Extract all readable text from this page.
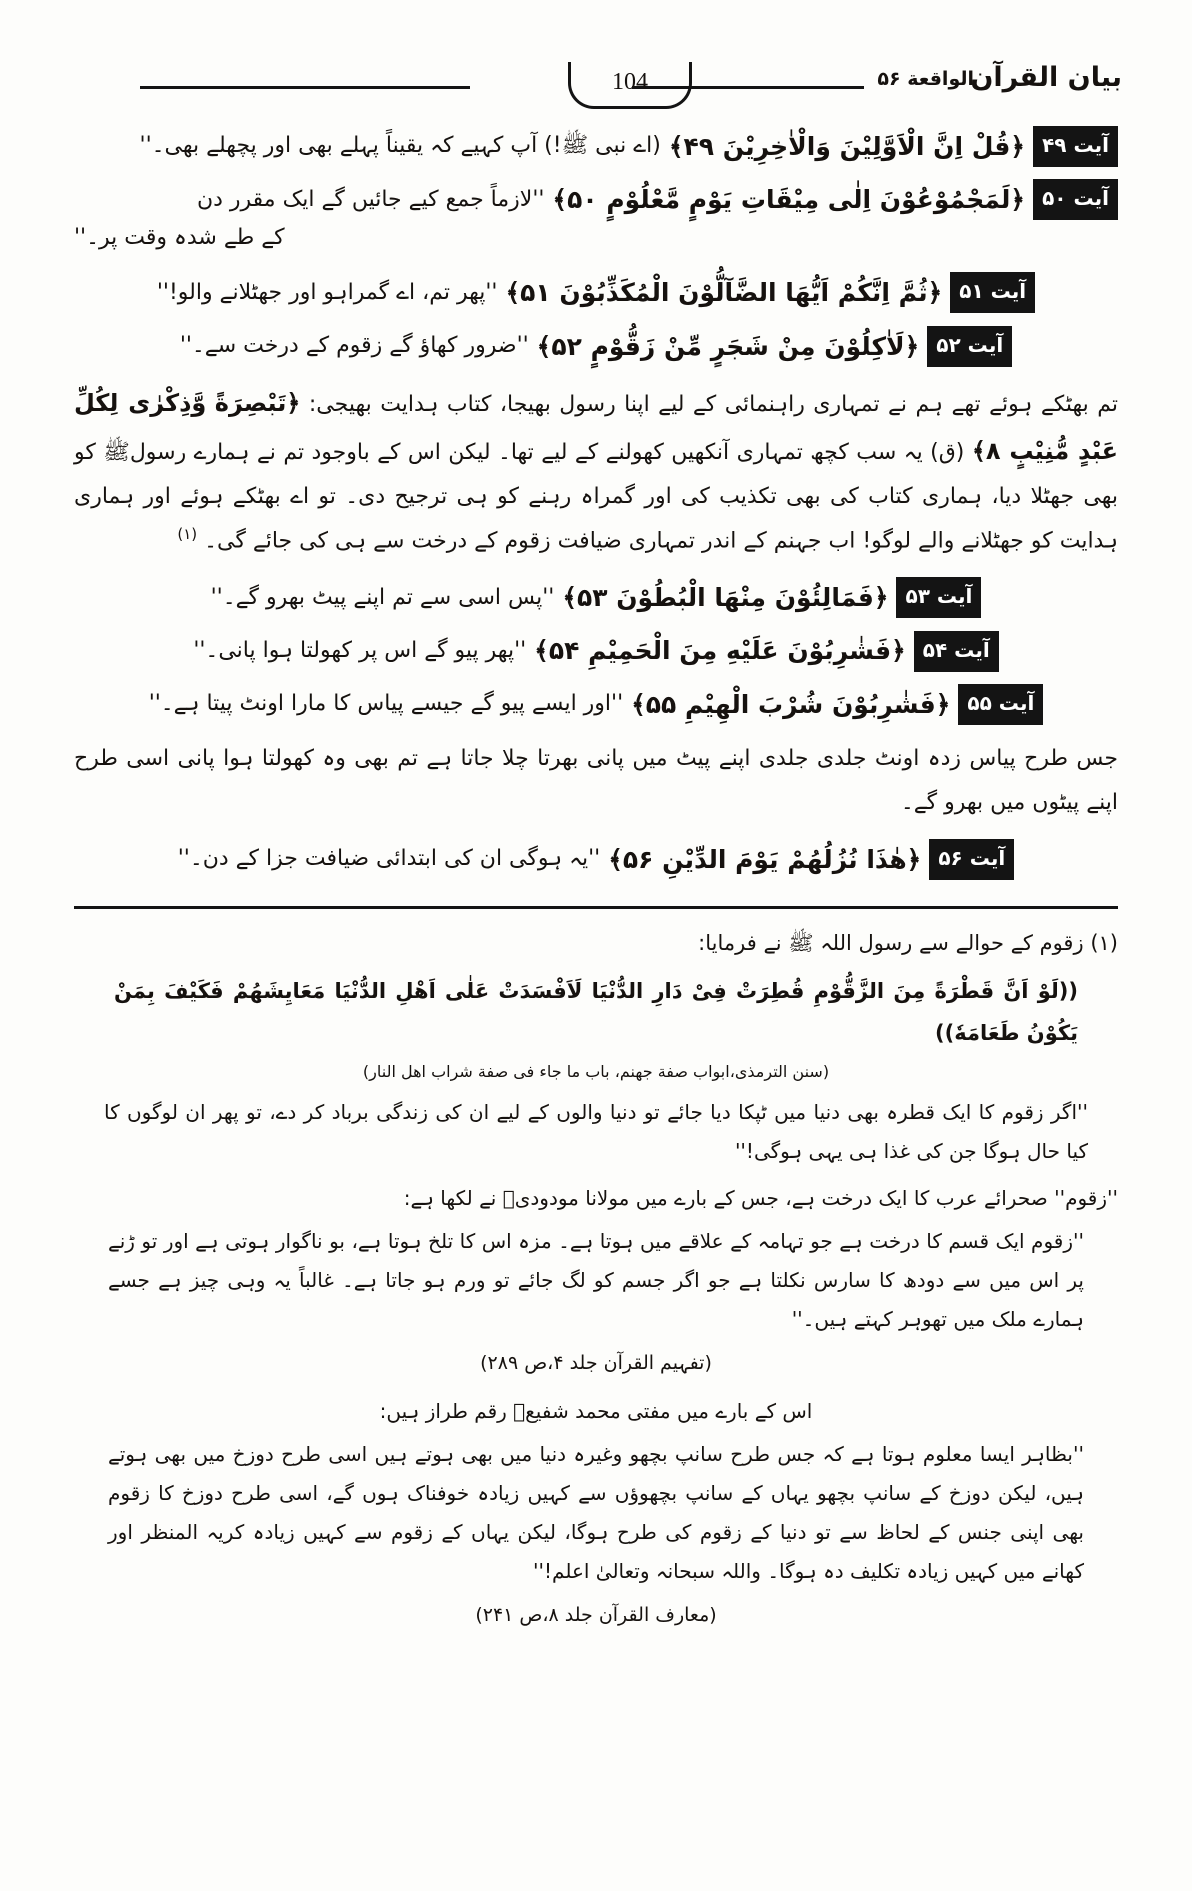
بيان القرآن
الواقعة ۵۶
104
آیت ۴۹
﴿قُلْ اِنَّ الْاَوَّلِیْنَ وَالْاٰخِرِیْنَ ۴۹﴾
(اے نبی ﷺ!) آپ کہیے کہ یقیناً پہلے بھی اور پچھلے بھی۔''
آیت ۵۰
﴿لَمَجْمُوْعُوْنَ اِلٰی مِیْقَاتِ یَوْمٍ مَّعْلُوْمٍ ۵۰﴾
''لازماً جمع کیے جائیں گے ایک مقرر دن
کے طے شدہ وقت پر۔''
آیت ۵۱
﴿ثُمَّ اِنَّكُمْ اَیُّهَا الضَّآلُّوْنَ الْمُكَذِّبُوْنَ ۵۱﴾
''پھر تم، اے گمراہو اور جھٹلانے والو!''
آیت ۵۲
﴿لَاٰكِلُوْنَ مِنْ شَجَرٍ مِّنْ زَقُّوْمٍ ۵۲﴾
''ضرور کھاؤ گے زقوم کے درخت سے۔''
تم بھٹکے ہوئے تھے ہم نے تمہاری راہنمائی کے لیے اپنا رسول بھیجا، کتاب ہدایت بھیجی: ﴿تَبْصِرَةً وَّذِكْرٰی لِكُلِّ عَبْدٍ مُّنِیْبٍ ۸﴾ (ق) یہ سب کچھ تمہاری آنکھیں کھولنے کے لیے تھا۔ لیکن اس کے باوجود تم نے ہمارے رسولﷺ کو بھی جھٹلا دیا، ہماری کتاب کی بھی تکذیب کی اور گمراہ رہنے کو ہی ترجیح دی۔ تو اے بھٹکے ہوئے اور ہماری ہدایت کو جھٹلانے والے لوگو! اب جہنم کے اندر تمہاری ضیافت زقوم کے درخت سے ہی کی جائے گی۔ $^{(۱)}$
آیت ۵۳
﴿فَمَالِئُوْنَ مِنْهَا الْبُطُوْنَ ۵۳﴾
''پس اسی سے تم اپنے پیٹ بھرو گے۔''
آیت ۵۴
﴿فَشٰرِبُوْنَ عَلَیْهِ مِنَ الْحَمِیْمِ ۵۴﴾
''پھر پیو گے اس پر کھولتا ہوا پانی۔''
آیت ۵۵
﴿فَشٰرِبُوْنَ شُرْبَ الْهِیْمِ ۵۵﴾
''اور ایسے پیو گے جیسے پیاس کا مارا اونٹ پیتا ہے۔''
جس طرح پیاس زدہ اونٹ جلدی جلدی اپنے پیٹ میں پانی بھرتا چلا جاتا ہے تم بھی وہ کھولتا ہوا پانی اسی طرح اپنے پیٹوں میں بھرو گے۔
آیت ۵۶
﴿هٰذَا نُزُلُهُمْ یَوْمَ الدِّیْنِ ۵۶﴾
''یہ ہوگی ان کی ابتدائی ضیافت جزا کے دن۔''
(۱) زقوم کے حوالے سے رسول اللہ ﷺ نے فرمایا:
((لَوْ اَنَّ قَطْرَةً مِنَ الزَّقُّوْمِ قُطِرَتْ فِیْ دَارِ الدُّنْیَا لَاَفْسَدَتْ عَلٰی اَهْلِ الدُّنْیَا مَعَایِشَهُمْ فَكَیْفَ بِمَنْ یَكُوْنُ طَعَامَهٗ))
(سنن الترمذی،ابواب صفة جهنم، باب ما جاء فى صفة شراب اهل النار)
''اگر زقوم کا ایک قطرہ بھی دنیا میں ٹپکا دیا جائے تو دنیا والوں کے لیے ان کی زندگی برباد کر دے، تو پھر ان لوگوں کا کیا حال ہوگا جن کی غذا ہی یہی ہوگی!''
''زقوم'' صحرائے عرب کا ایک درخت ہے، جس کے بارے میں مولانا مودودیؒ نے لکھا ہے:
''زقوم ایک قسم کا درخت ہے جو تہامہ کے علاقے میں ہوتا ہے۔ مزہ اس کا تلخ ہوتا ہے، بو ناگوار ہوتی ہے اور تو ڑنے پر اس میں سے دودھ کا سارس نکلتا ہے جو اگر جسم کو لگ جائے تو ورم ہو جاتا ہے۔ غالباً یہ وہی چیز ہے جسے ہمارے ملک میں تھوہر کہتے ہیں۔''
(تفہیم القرآن جلد ۴،ص ۲۸۹)
اس کے بارے میں مفتی محمد شفیعؒ رقم طراز ہیں:
''بظاہر ایسا معلوم ہوتا ہے کہ جس طرح سانپ بچھو وغیرہ دنیا میں بھی ہوتے ہیں اسی طرح دوزخ میں بھی ہوتے ہیں، لیکن دوزخ کے سانپ بچھو یہاں کے سانپ بچھوؤں سے کہیں زیادہ خوفناک ہوں گے، اسی طرح دوزخ کا زقوم بھی اپنی جنس کے لحاظ سے تو دنیا کے زقوم کی طرح ہوگا، لیکن یہاں کے زقوم سے کہیں زیادہ کریہ المنظر اور کھانے میں کہیں زیادہ تکلیف دہ ہوگا۔ واللہ سبحانہ وتعالیٰ اعلم!''
(معارف القرآن جلد ۸،ص ۲۴۱)
